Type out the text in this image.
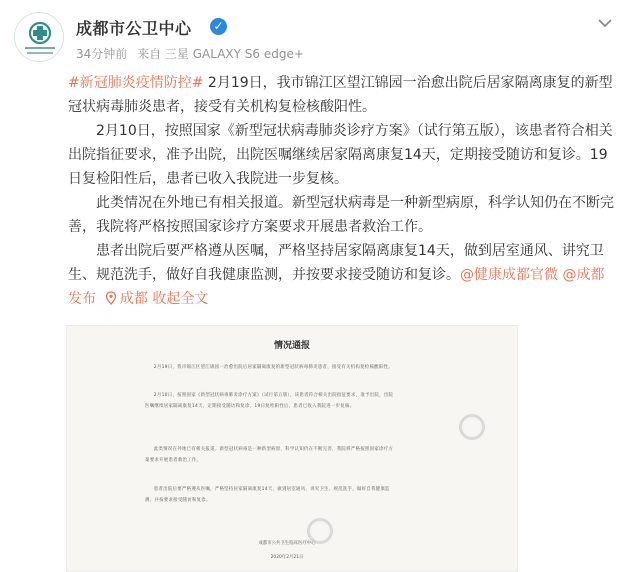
成都市公卫中心 ✓
34分钟前 来自 三星 GALAXY S6 edge+

#新冠肺炎疫情防控# 2月19日，我市锦江区望江锦园一治愈出院后居家隔离康复的新型冠状病毒肺炎患者，接受有关机构复检核酸阳性。

2月10日，按照国家《新型冠状病毒肺炎诊疗方案》（试行第五版），该患者符合相关出院指征要求，准予出院，出院医嘱继续居家隔离康复14天，定期接受随访和复诊。19日复检阳性后，患者已收入我院进一步复核。

此类情况在外地已有相关报道。新型冠状病毒是一种新型病原，科学认知仍在不断完善，我院将严格按照国家诊疗方案要求开展患者救治工作。

患者出院后要严格遵从医嘱，严格坚持居家隔离康复14天，做到居室通风、讲究卫生、规范洗手，做好自我健康监测，并按要求接受随访和复诊。@健康成都官微 @成都发布 成都 收起全文

情况通报
2月19日，我市锦江区望江锦园一治愈出院后居家隔离康复的新型冠状病毒肺炎患者，接受有关机构复检核酸阳性。
2月10日，按照国家《新型冠状病毒肺炎诊疗方案》（试行第五版），该患者符合相关出院指征要求，准予出院，出院医嘱继续居家隔离康复14天，定期接受随访和复诊。19日复检阳性后，患者已收入我院进一步复核。
此类情况在外地已有相关报道。新型冠状病毒是一种新型病原，科学认知仍在不断完善，我院将严格按照国家诊疗方案要求开展患者救治工作。
患者出院后要严格遵从医嘱，严格坚持居家隔离康复14天，做到居室通风、讲究卫生、规范洗手，做好自我健康监测，并按要求接受随访和复诊。
成都市公共卫生临床医疗中心
2020年2月21日
